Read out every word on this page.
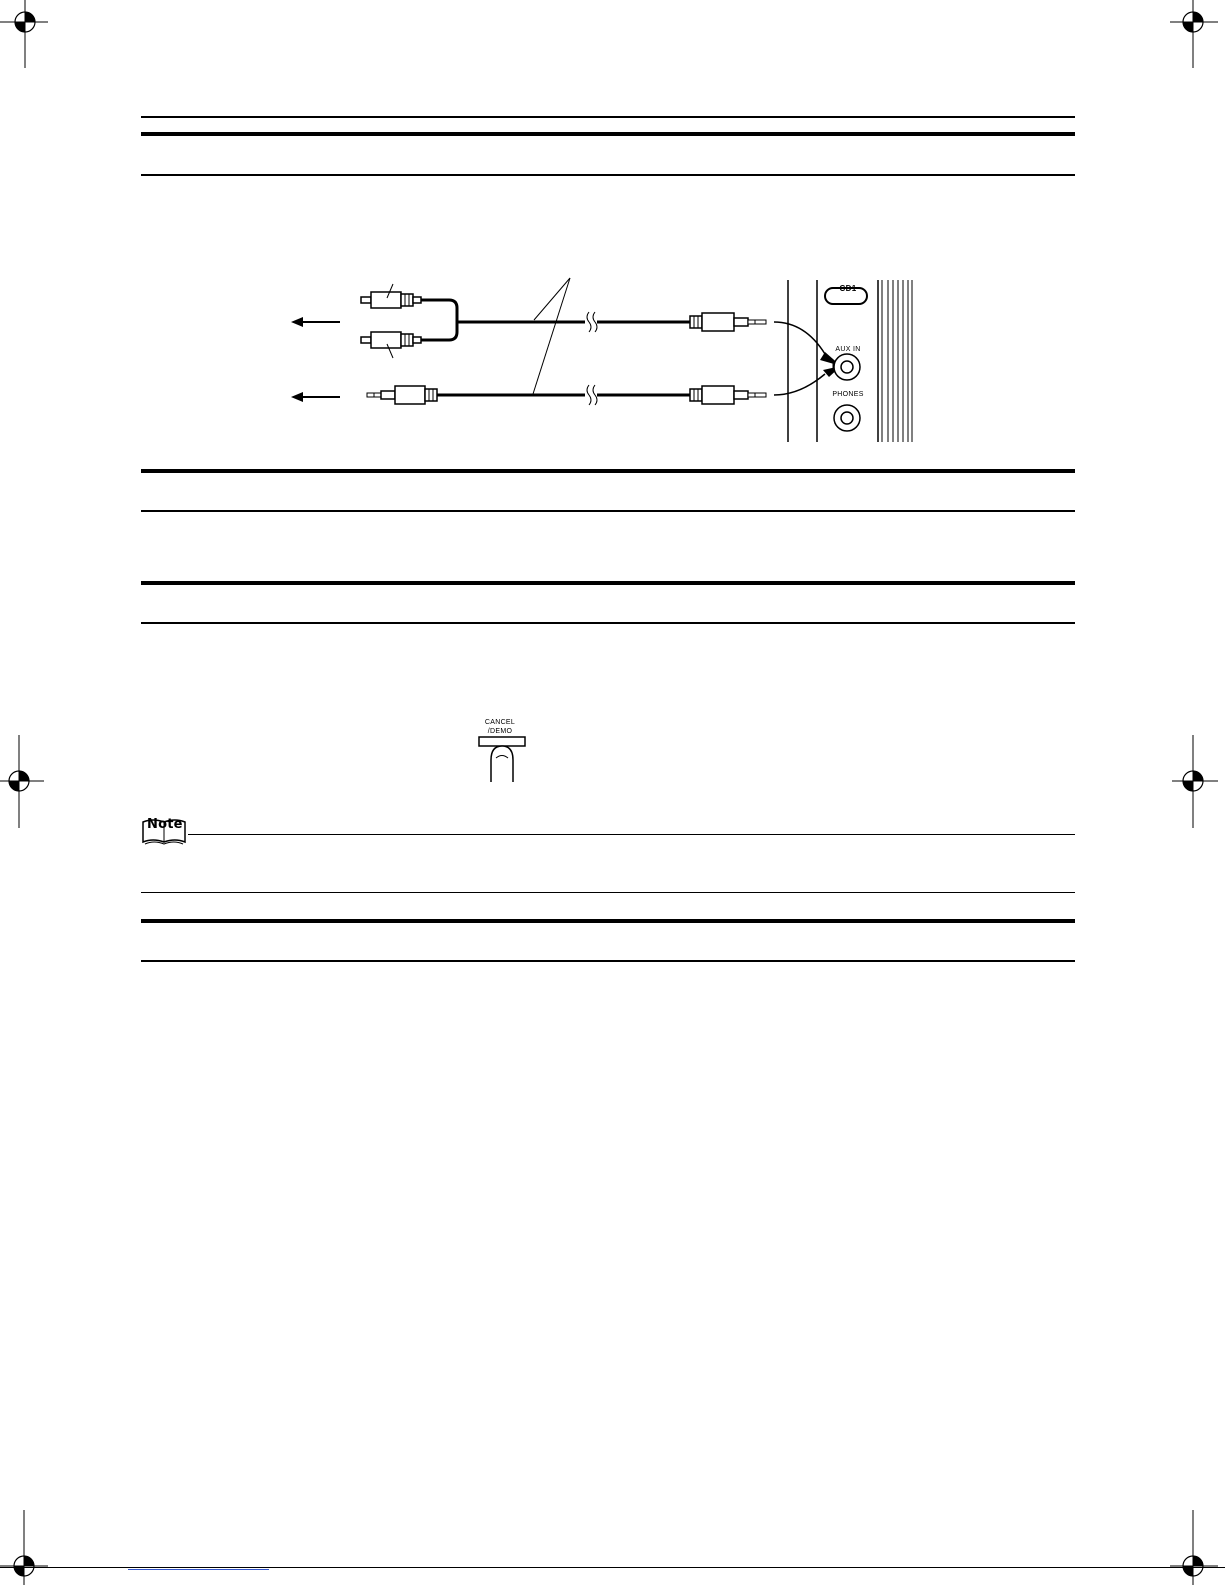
CD1
AUX IN
PHONES
CANCEL
/DEMO
Note
